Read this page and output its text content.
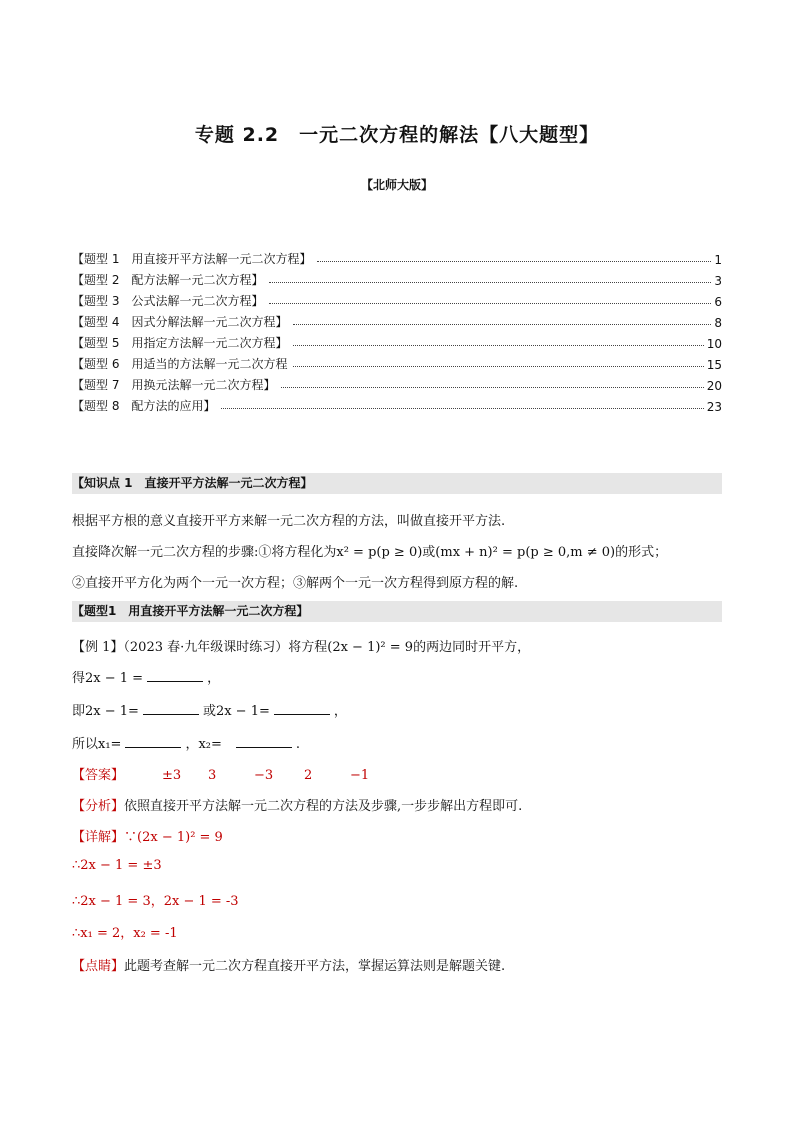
专题 2.2　一元二次方程的解法【八大题型】
【北师大版】
【题型 1　用直接开平方法解一元二次方程】	1
【题型 2　配方法解一元二次方程】	3
【题型 3　公式法解一元二次方程】	6
【题型 4　因式分解法解一元二次方程】	8
【题型 5　用指定方法解一元二次方程】	10
【题型 6　用适当的方法解一元二次方程	15
【题型 7　用换元法解一元二次方程】	20
【题型 8　配方法的应用】	23
【知识点 1　直接开平方法解一元二次方程】
根据平方根的意义直接开平方来解一元二次方程的方法，叫做直接开平方法.
直接降次解一元二次方程的步骤:①将方程化为x² = p(p ≥ 0)或(mx + n)² = p(p ≥ 0,m ≠ 0)的形式；
②直接开平方化为两个一元一次方程；③解两个一元一次方程得到原方程的解.
【题型1　用直接开平方法解一元二次方程】
【例 1】（2023 春·九年级课时练习）将方程(2x − 1)² = 9的两边同时开平方，
得2x − 1 =	，
即2x − 1=	或2x − 1=	，
所以x₁=	，x₂=	.
【答案】	±3 3	−3 2	−1
【分析】依照直接开平方法解一元二次方程的方法及步骤,一步步解出方程即可.
【详解】∵(2x − 1)² = 9
∴2x − 1 = ±3
∴2x − 1 = 3，2x − 1 = -3
∴x₁ = 2，x₂ = -1
【点睛】此题考查解一元二次方程直接开平方法，掌握运算法则是解题关键.
